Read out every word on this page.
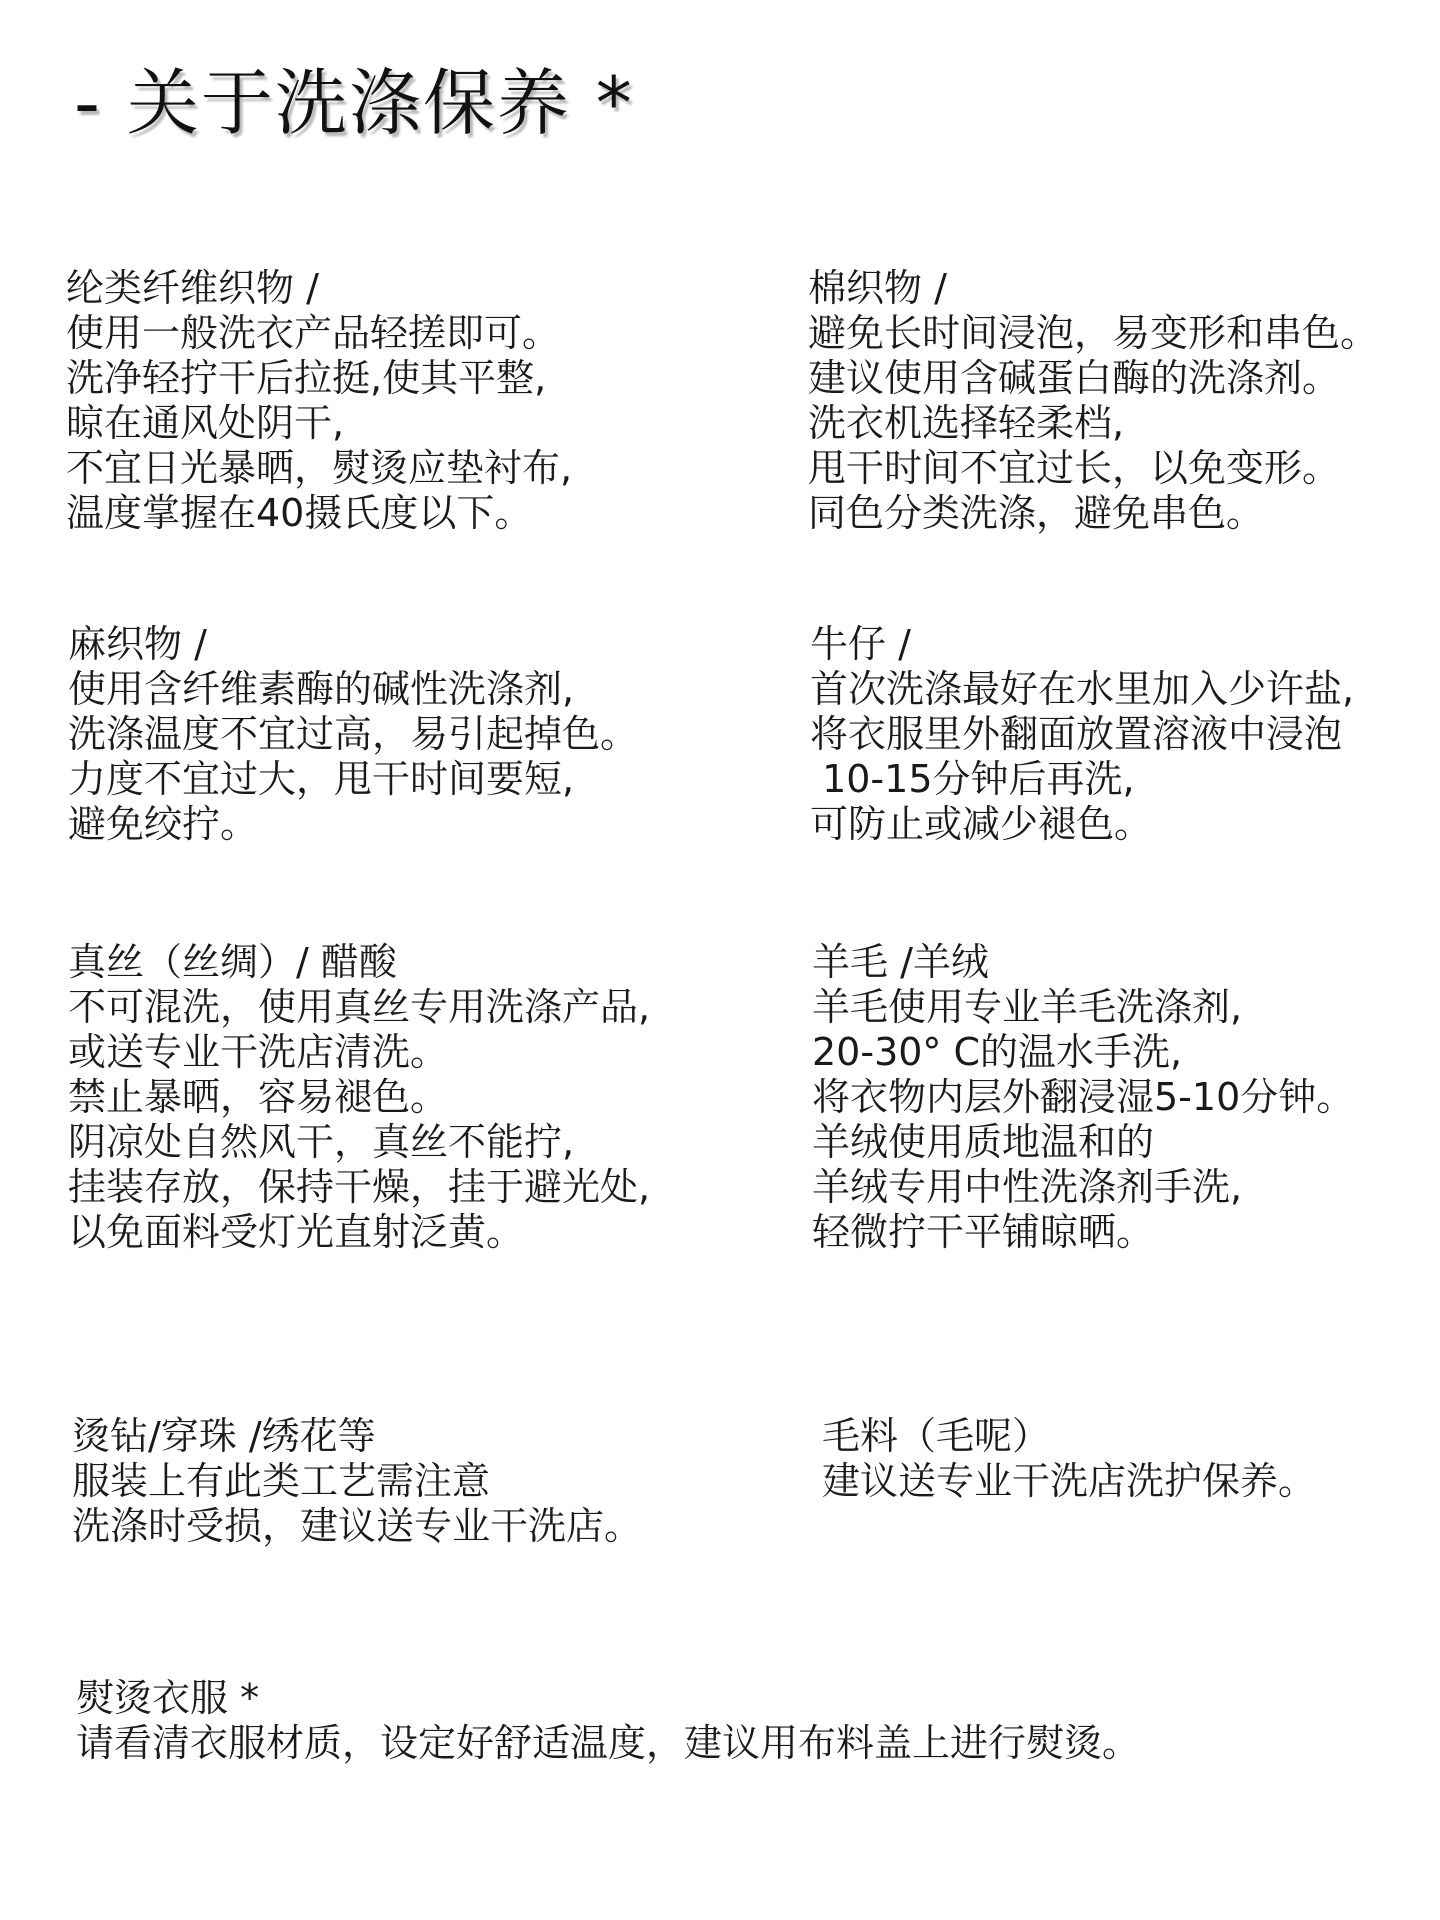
- 关于洗涤保养 *
纶类纤维织物 /
使用一般洗衣产品轻搓即可。
洗净轻拧干后拉挺,使其平整,
晾在通风处阴干,
不宜日光暴晒，熨烫应垫衬布,
温度掌握在40摄氏度以下。
棉织物 /
避免长时间浸泡，易变形和串色。
建议使用含碱蛋白酶的洗涤剂。
洗衣机选择轻柔档,
甩干时间不宜过长，以免变形。
同色分类洗涤，避免串色。
麻织物 /
使用含纤维素酶的碱性洗涤剂,
洗涤温度不宜过高，易引起掉色。
力度不宜过大，甩干时间要短,
避免绞拧。
牛仔 /
首次洗涤最好在水里加入少许盐,
将衣服里外翻面放置溶液中浸泡
10-15分钟后再洗,
可防止或减少褪色。
真丝（丝绸）/ 醋酸
不可混洗，使用真丝专用洗涤产品,
或送专业干洗店清洗。
禁止暴晒，容易褪色。
阴凉处自然风干，真丝不能拧,
挂装存放，保持干燥，挂于避光处,
以免面料受灯光直射泛黄。
羊毛 /羊绒
羊毛使用专业羊毛洗涤剂,
20-30° C的温水手洗,
将衣物内层外翻浸湿5-10分钟。
羊绒使用质地温和的
羊绒专用中性洗涤剂手洗,
轻微拧干平铺晾晒。
烫钻/穿珠 /绣花等
服装上有此类工艺需注意
洗涤时受损，建议送专业干洗店。
毛料（毛呢）
建议送专业干洗店洗护保养。
熨烫衣服 *
请看清衣服材质，设定好舒适温度，建议用布料盖上进行熨烫。
